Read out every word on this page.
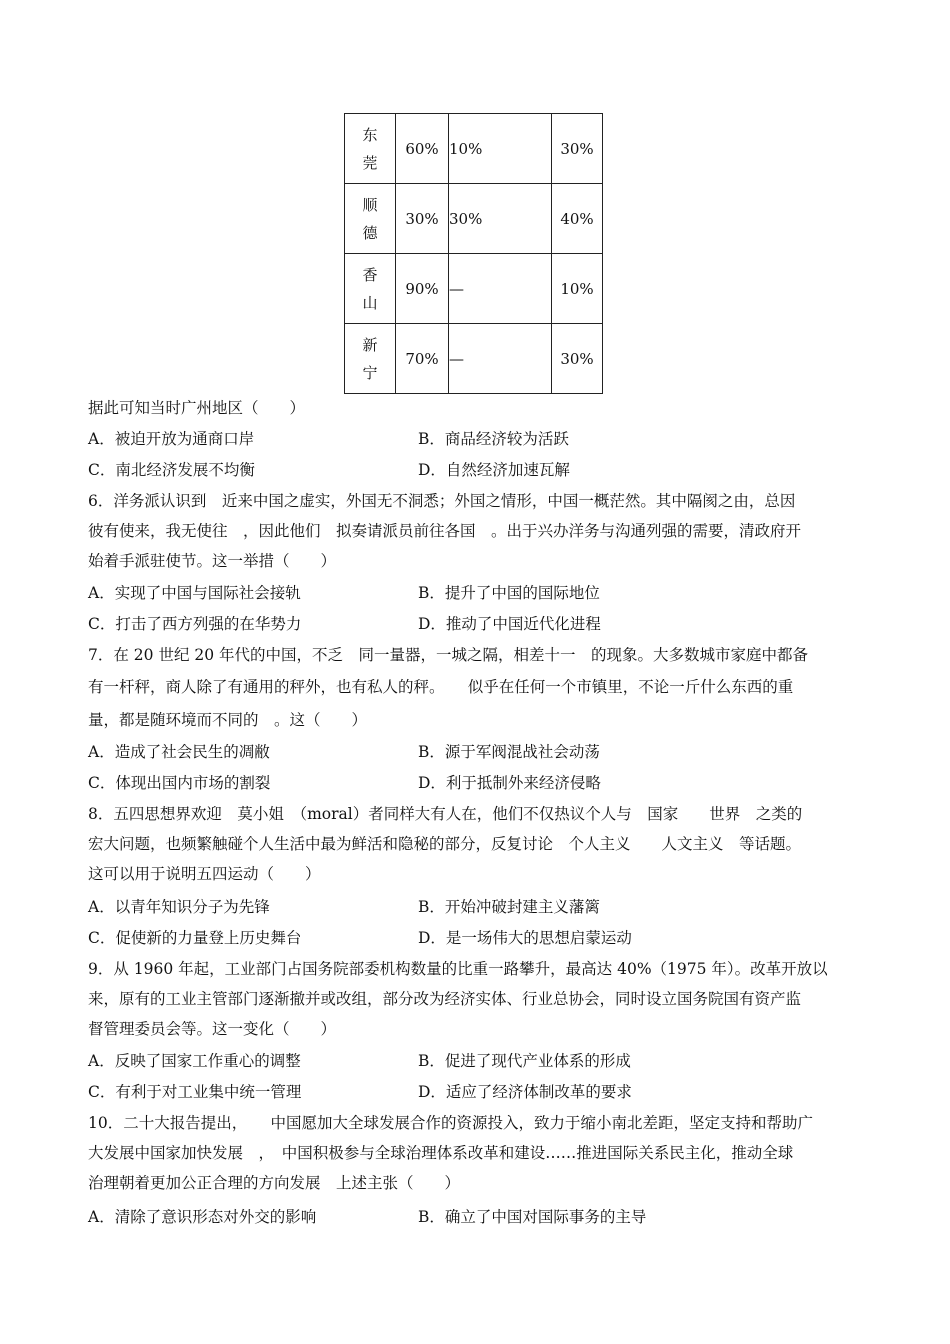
东
莞	60%	10%	30%

顺
德	30%	30%	40%

香
山	90%	—	10%

新
宁	70%	—	30%
据此可知当时广州地区（　　）
A．被迫开放为通商口岸	B．商品经济较为活跃
C．南北经济发展不均衡	D．自然经济加速瓦解
6．洋务派认识到　近来中国之虚实，外国无不洞悉；外国之情形，中国一概茫然。其中隔阂之由，总因
彼有使来，我无使往　，因此他们　拟奏请派员前往各国　。出于兴办洋务与沟通列强的需要，清政府开
始着手派驻使节。这一举措（　　）
A．实现了中国与国际社会接轨	B．提升了中国的国际地位
C．打击了西方列强的在华势力	D．推动了中国近代化进程
7．在 20 世纪 20 年代的中国，不乏　同一量器，一城之隔，相差十一　的现象。大多数城市家庭中都备
有一杆秤，商人除了有通用的秤外，也有私人的秤。　　似乎在任何一个市镇里，不论一斤什么东西的重
量，都是随环境而不同的　。这（　　）
A．造成了社会民生的凋敝	B．源于军阀混战社会动荡
C．体现出国内市场的割裂	D．利于抵制外来经济侵略
8．五四思想界欢迎　莫小姐　（moral）者同样大有人在，他们不仅热议个人与　国家　　世界　之类的
宏大问题，也频繁触碰个人生活中最为鲜活和隐秘的部分，反复讨论　个人主义　　人文主义　等话题。
这可以用于说明五四运动（　　）
A．以青年知识分子为先锋	B．开始冲破封建主义藩篱
C．促使新的力量登上历史舞台	D．是一场伟大的思想启蒙运动
9．从 1960 年起，工业部门占国务院部委机构数量的比重一路攀升，最高达 40%（1975 年）。改革开放以
来，原有的工业主管部门逐渐撤并或改组，部分改为经济实体、行业总协会，同时设立国务院国有资产监
督管理委员会等。这一变化（　　）
A．反映了国家工作重心的调整	B．促进了现代产业体系的形成
C．有利于对工业集中统一管理	D．适应了经济体制改革的要求
10．二十大报告提出，　　中国愿加大全球发展合作的资源投入，致力于缩小南北差距，坚定支持和帮助广
大发展中国家加快发展　，　中国积极参与全球治理体系改革和建设……推进国际关系民主化，推动全球
治理朝着更加公正合理的方向发展　上述主张（　　）
A．清除了意识形态对外交的影响	B．确立了中国对国际事务的主导
